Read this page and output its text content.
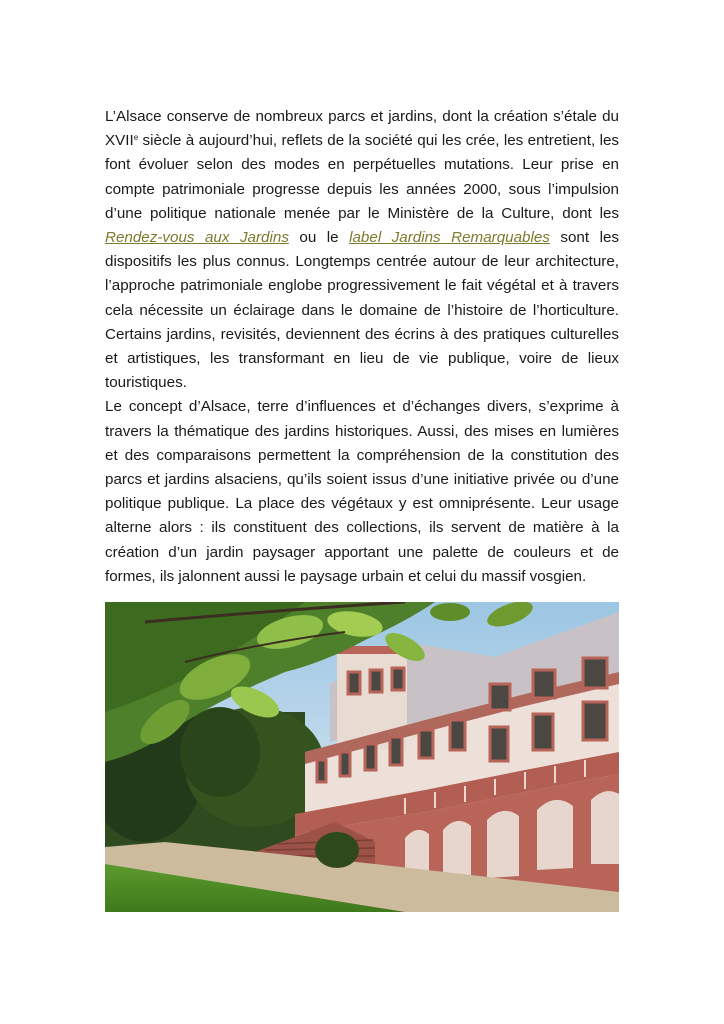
L’Alsace conserve de nombreux parcs et jardins, dont la création s’étale du XVIIe siècle à aujourd’hui, reflets de la société qui les crée, les entretient, les font évoluer selon des modes en perpétuelles mutations. Leur prise en compte patrimoniale progresse depuis les années 2000, sous l’impulsion d’une politique nationale menée par le Ministère de la Culture, dont les Rendez-vous aux Jardins ou le label Jardins Remarquables sont les dispositifs les plus connus. Longtemps centrée autour de leur architecture, l’approche patrimoniale englobe progressivement le fait végétal et à travers cela nécessite un éclairage dans le domaine de l’histoire de l’horticulture. Certains jardins, revisités, deviennent des écrins à des pratiques culturelles et artistiques, les transformant en lieu de vie publique, voire de lieux touristiques.

Le concept d’Alsace, terre d’influences et d’échanges divers, s’exprime à travers la thématique des jardins historiques. Aussi, des mises en lumières et des comparaisons permettent la compréhension de la constitution des parcs et jardins alsaciens, qu’ils soient issus d’une initiative privée ou d’une politique publique. La place des végétaux y est omniprésente. Leur usage alterne alors : ils constituent des collections, ils servent de matière à la création d’un jardin paysager apportant une palette de couleurs et de formes, ils jalonnent aussi le paysage urbain et celui du massif vosgien.
